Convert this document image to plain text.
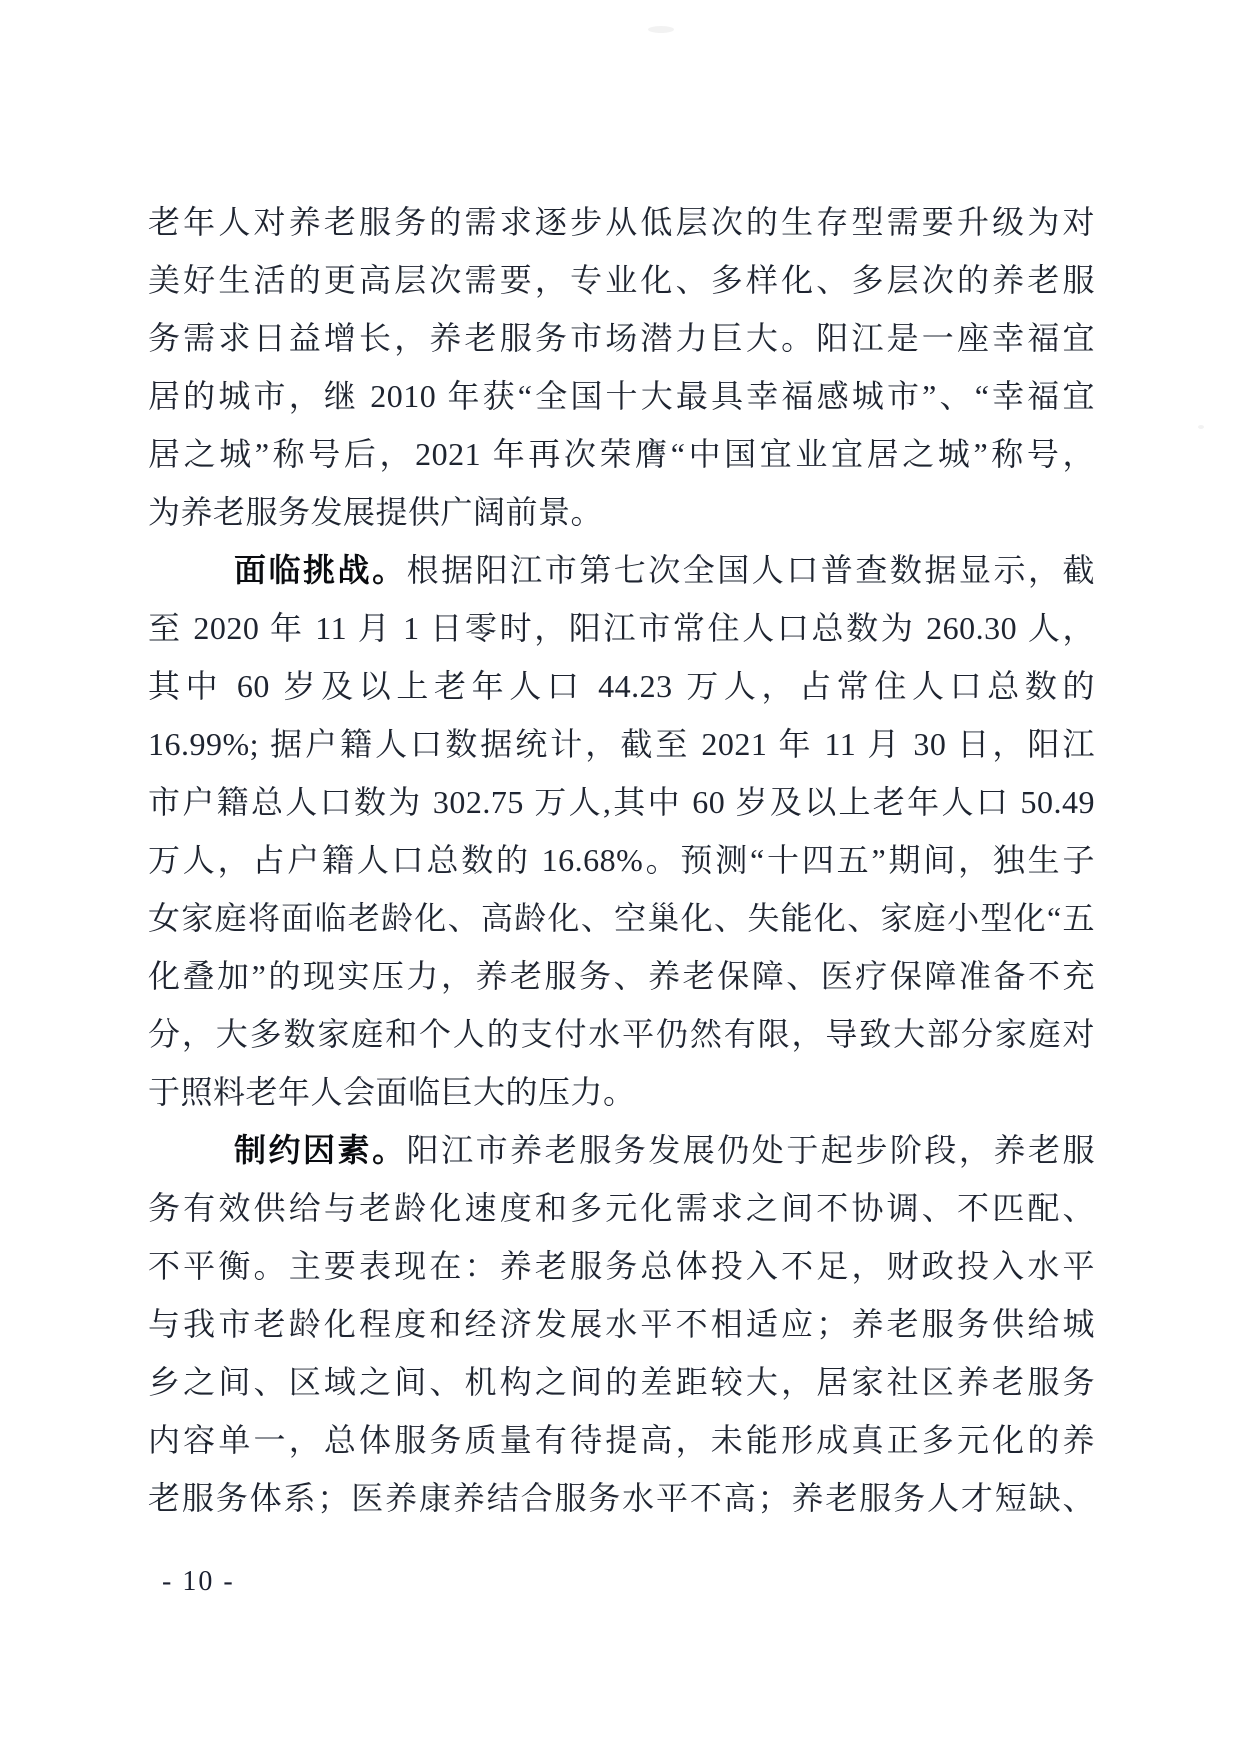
老年人对养老服务的需求逐步从低层次的生存型需要升级为对
美好生活的更高层次需要，专业化、多样化、多层次的养老服
务需求日益增长，养老服务市场潜力巨大。阳江是一座幸福宜
居的城市，继 2010 年获“全国十大最具幸福感城市”、“幸福宜
居之城”称号后，2021 年再次荣膺“中国宜业宜居之城”称号，
为养老服务发展提供广阔前景。
面临挑战。根据阳江市第七次全国人口普查数据显示，截
至 2020 年 11 月 1 日零时，阳江市常住人口总数为 260.30 人，
其中 60 岁及以上老年人口 44.23 万人，占常住人口总数的
16.99%; 据户籍人口数据统计，截至 2021 年 11 月 30 日，阳江
市户籍总人口数为 302.75 万人,其中 60 岁及以上老年人口 50.49
万人，占户籍人口总数的 16.68%。预测“十四五”期间，独生子
女家庭将面临老龄化、高龄化、空巢化、失能化、家庭小型化“五
化叠加”的现实压力，养老服务、养老保障、医疗保障准备不充
分，大多数家庭和个人的支付水平仍然有限，导致大部分家庭对
于照料老年人会面临巨大的压力。
制约因素。阳江市养老服务发展仍处于起步阶段，养老服
务有效供给与老龄化速度和多元化需求之间不协调、不匹配、
不平衡。主要表现在：养老服务总体投入不足，财政投入水平
与我市老龄化程度和经济发展水平不相适应；养老服务供给城
乡之间、区域之间、机构之间的差距较大，居家社区养老服务
内容单一，总体服务质量有待提高，未能形成真正多元化的养
老服务体系；医养康养结合服务水平不高；养老服务人才短缺、
- 10 -
